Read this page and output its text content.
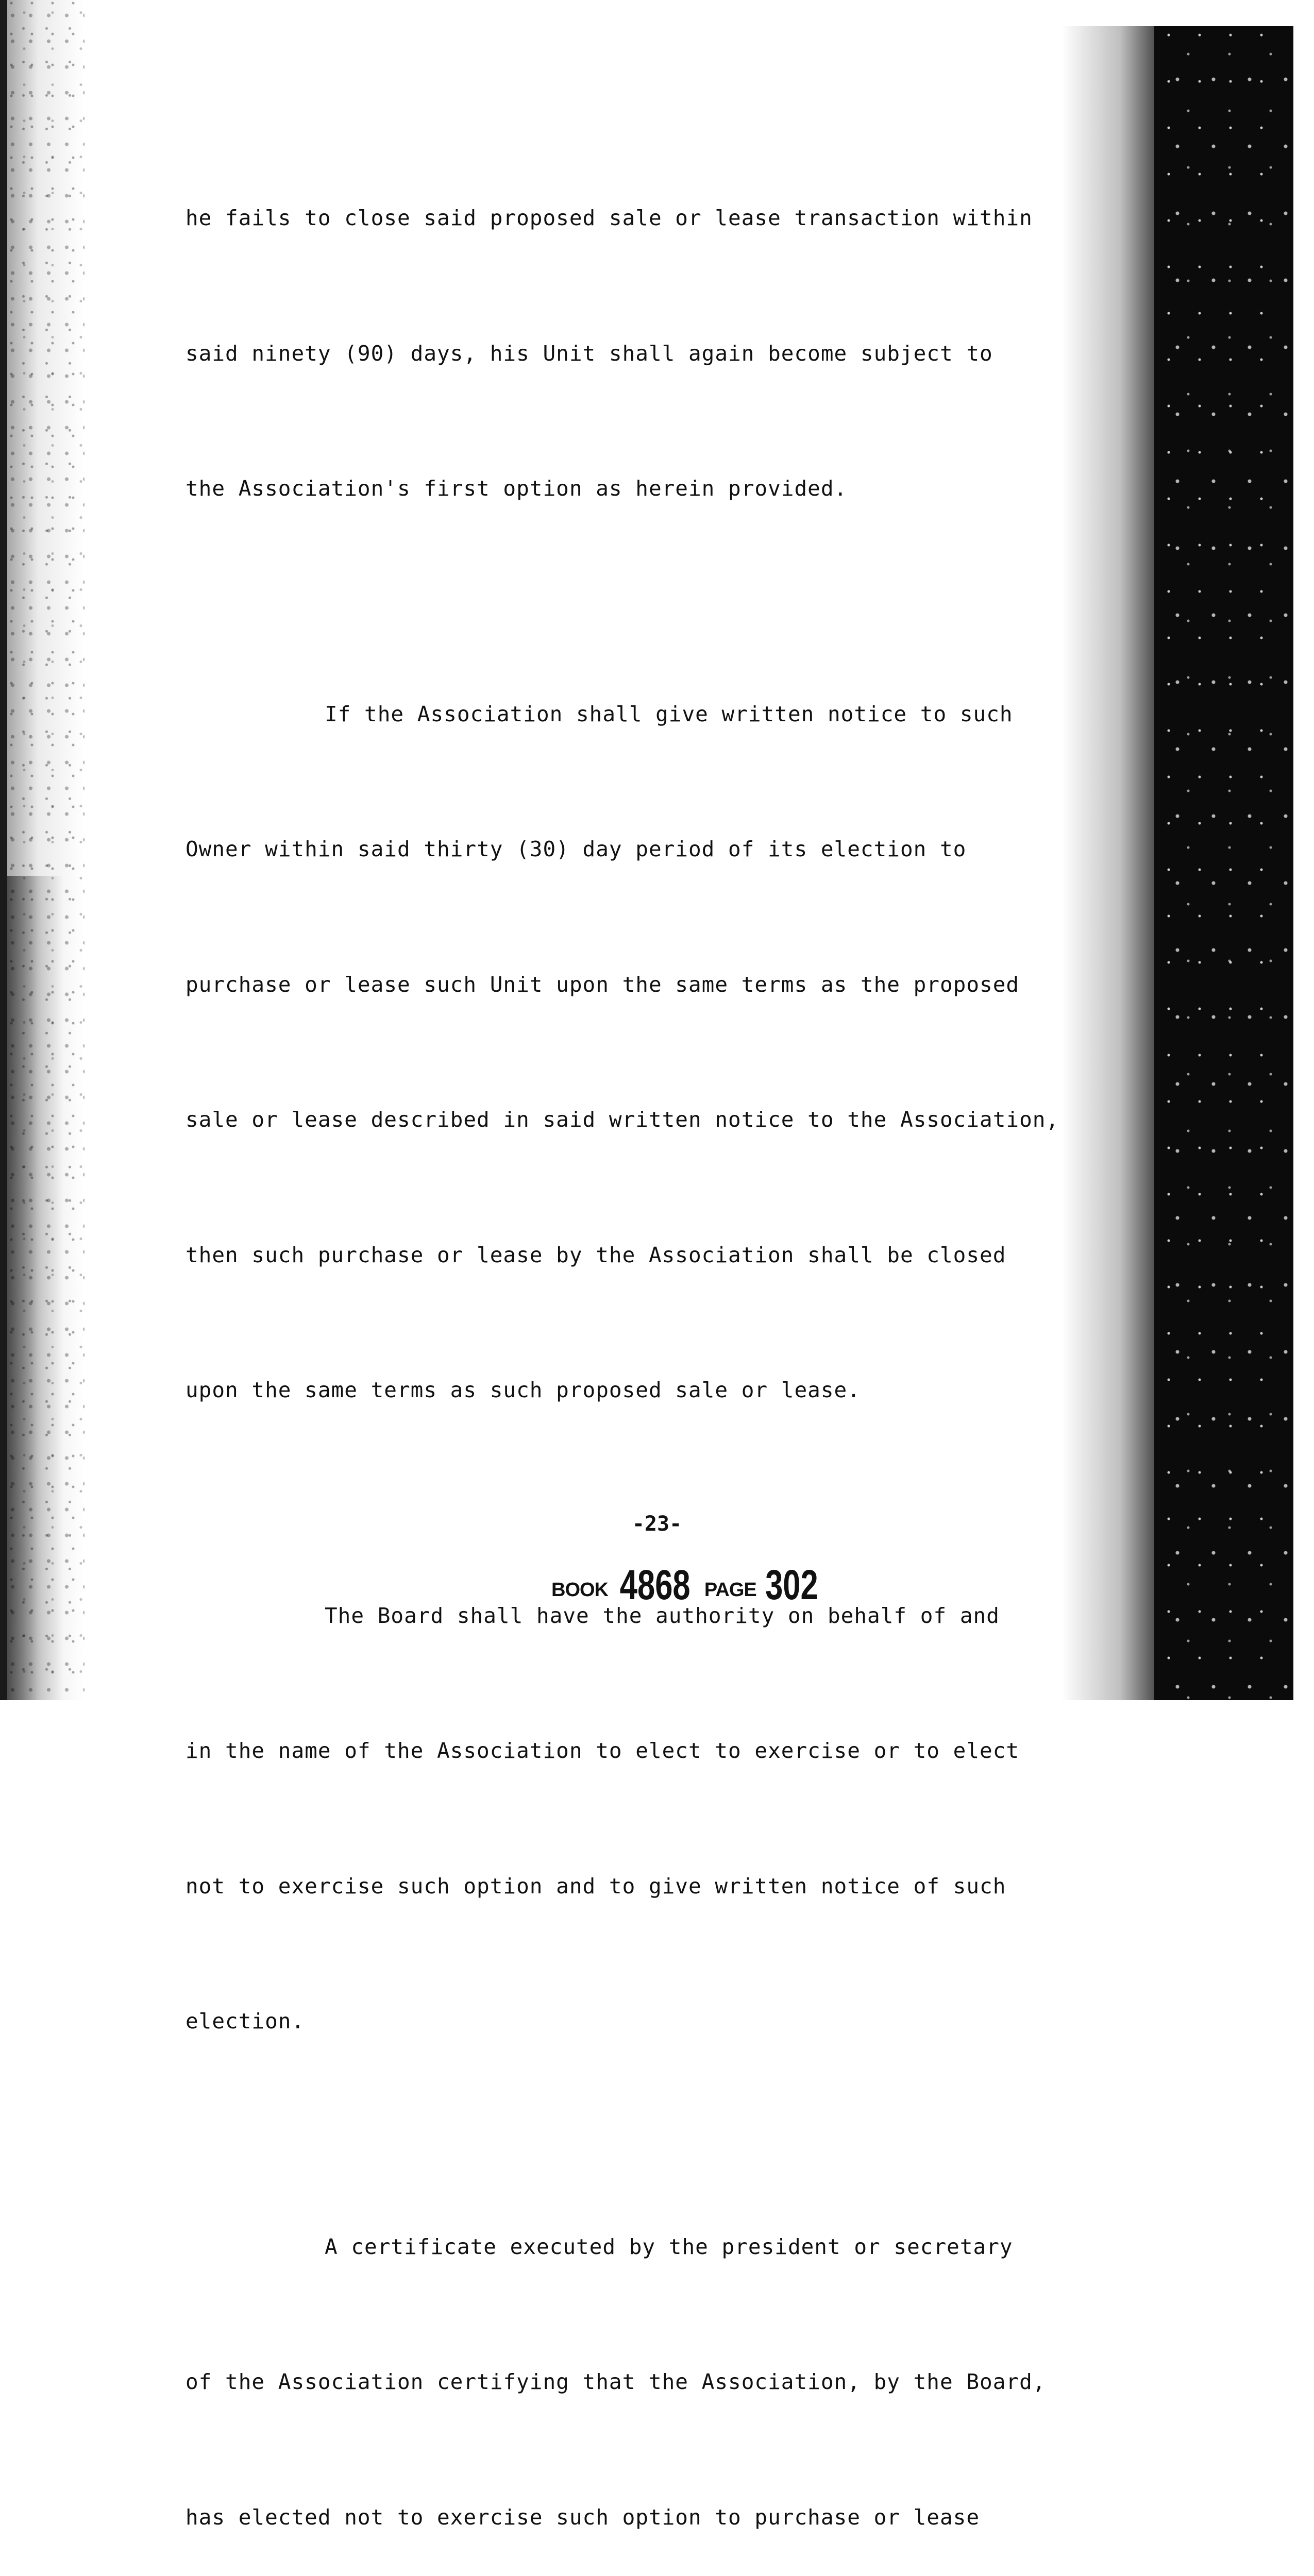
he fails to close said proposed sale or lease transaction within

said ninety (90) days, his Unit shall again become subject to

the Association's first option as herein provided.

If the Association shall give written notice to such

Owner within said thirty (30) day period of its election to

purchase or lease such Unit upon the same terms as the proposed

sale or lease described in said written notice to the Association,

then such purchase or lease by the Association shall be closed

upon the same terms as such proposed sale or lease.

The Board shall have the authority on behalf of and

in the name of the Association to elect to exercise or to elect

not to exercise such option and to give written notice of such

election.

A certificate executed by the president or secretary

of the Association certifying that the Association, by the Board,

has elected not to exercise such option to purchase or lease

-23-
BOOK 4868 PAGE 302
